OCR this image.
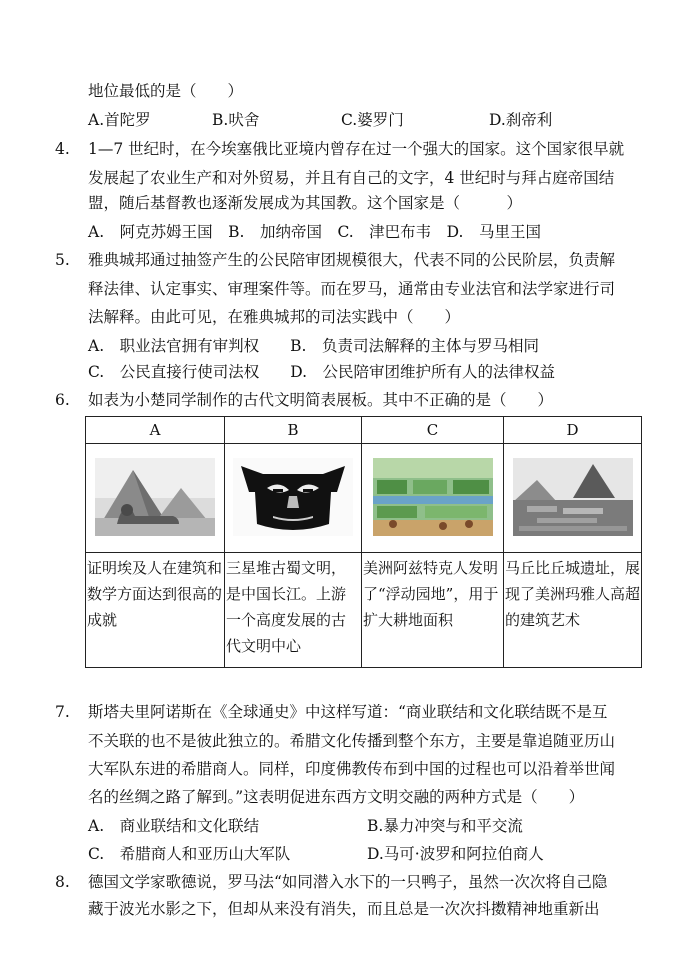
地位最低的是（　　）
A.首陀罗	B.吠舍	C.婆罗门	D.刹帝利
4. 1—7 世纪时，在今埃塞俄比亚境内曾存在过一个强大的国家。这个国家很早就
发展起了农业生产和对外贸易，并且有自己的文字，4 世纪时与拜占庭帝国结
盟，随后基督教也逐渐发展成为其国教。这个国家是（　　　）
A.　阿克苏姆王国　B.　加纳帝国　C.　津巴布韦　D.　马里王国
5. 雅典城邦通过抽签产生的公民陪审团规模很大，代表不同的公民阶层，负责解
释法律、认定事实、审理案件等。而在罗马，通常由专业法官和法学家进行司
法解释。由此可见，在雅典城邦的司法实践中（　　）
A.　职业法官拥有审判权　　B.　负责司法解释的主体与罗马相同
C.　公民直接行使司法权　　D.　公民陪审团维护所有人的法律权益
6. 如表为小楚同学制作的古代文明简表展板。其中不正确的是（　　）
A	B	C	D

证明埃及人在建筑和数学方面达到很高的成就	三星堆古蜀文明，是中国长江。上游一个高度发展的古代文明中心	美洲阿兹特克人发明了“浮动园地”，用于扩大耕地面积	马丘比丘城遗址，展现了美洲玛雅人高超的建筑艺术
7. 斯塔夫里阿诺斯在《全球通史》中这样写道：“商业联结和文化联结既不是互
不关联的也不是彼此独立的。希腊文化传播到整个东方，主要是靠追随亚历山
大军队东进的希腊商人。同样，印度佛教传布到中国的过程也可以沿着举世闻
名的丝绸之路了解到。”这表明促进东西方文明交融的两种方式是（　　）
A.　商业联结和文化联结	B.暴力冲突与和平交流
C.　希腊商人和亚历山大军队	D.马可·波罗和阿拉伯商人
8. 德国文学家歌德说，罗马法“如同潜入水下的一只鸭子，虽然一次次将自己隐
藏于波光水影之下，但却从来没有消失，而且总是一次次抖擞精神地重新出
